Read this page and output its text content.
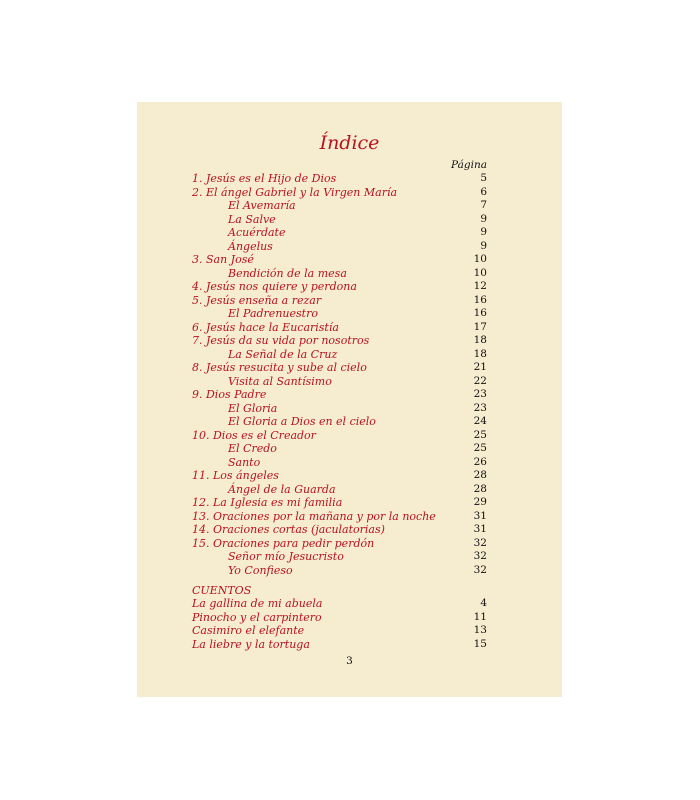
Índice
Página
1. Jesús es el Hijo de Dios	5
2. El ángel Gabriel y la Virgen María	6
El Avemaría	7
La Salve	9
Acuérdate	9
Ángelus	9
3. San José	10
Bendición de la mesa	10
4. Jesús nos quiere y perdona	12
5. Jesús enseña a rezar	16
El Padrenuestro	16
6. Jesús hace la Eucaristía	17
7. Jesús da su vida por nosotros	18
La Señal de la Cruz	18
8. Jesús resucita y sube al cielo	21
Visita al Santísimo	22
9. Dios Padre	23
El Gloria	23
El Gloria a Dios en el cielo	24
10. Dios es el Creador	25
El Credo	25
Santo	26
11. Los ángeles	28
Ángel de la Guarda	28
12. La Iglesia es mi familia	29
13. Oraciones por la mañana y por la noche	31
14. Oraciones cortas (jaculatorias)	31
15. Oraciones para pedir perdón	32
Señor mío Jesucristo	32
Yo Confieso	32
CUENTOS
La gallina de mi abuela	4
Pinocho y el carpintero	11
Casimiro el elefante	13
La liebre y la tortuga	15
3
